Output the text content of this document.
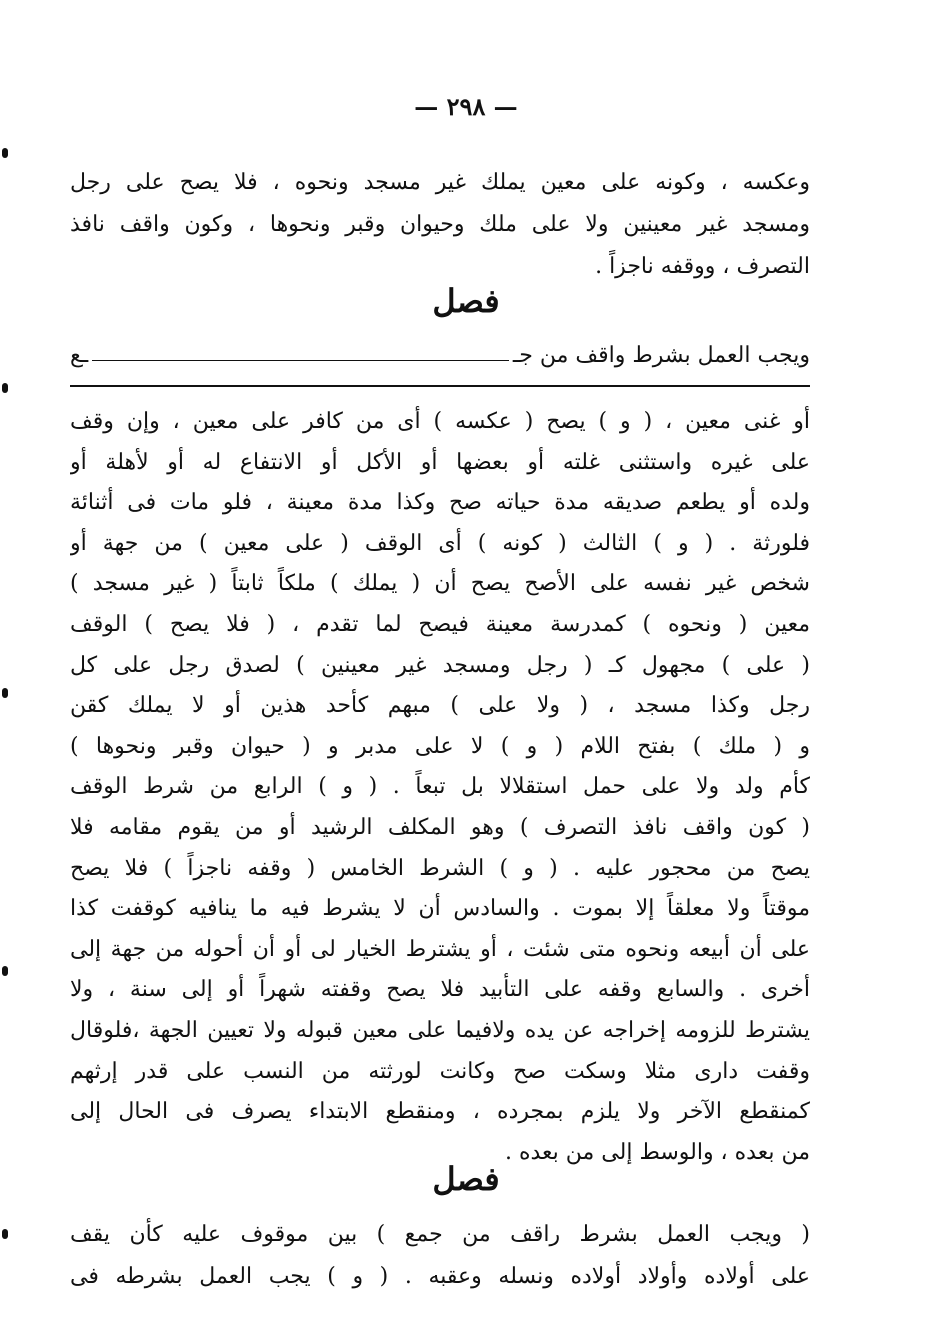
— ٢٩٨ —
وعكسه ، وكونه على معين يملك غير مسجد ونحوه ، فلا يصح على رجل
ومسجد غير معينين ولا على ملك وحيوان وقبر ونحوها ، وكون واقف نافذ
التصرف ، ووقفه ناجزاً .
فصل
ويجب العمل بشرط واقف من جـ
ـع
أو غنى معين ، ( و ) يصح ( عكسه ) أى من كافر على معين ، وإن وقف
على غيره واستثنى غلته أو بعضها أو الأكل أو الانتفاع له أو لأهلة أو
ولده أو يطعم صديقه مدة حياته صح وكذا مدة معينة ، فلو مات فى أثنائة
فلورثة . ( و ) الثالث ( كونه ) أى الوقف ( على معين ) من جهة أو
شخص غير نفسه على الأصح يصح أن ( يملك ) ملكاً ثابتاً ( غير مسجد )
معين ( ونحوه ) كمدرسة معينة فيصح لما تقدم ، ( فلا يصح ) الوقف
( على ) مجهول كـ ( رجل ومسجد غير معينين ) لصدق رجل على كل
رجل وكذا مسجد ، ( ولا على ) مبهم كأحد هذين أو لا يملك كقن
و ( ملك ) بفتح اللام ( و ) لا على مدبر و ( حيوان وقبر ونحوها )
كأم ولد ولا على حمل استقلالا بل تبعاً . ( و ) الرابع من شرط الوقف
( كون واقف نافذ التصرف ) وهو المكلف الرشيد أو من يقوم مقامه فلا
يصح من محجور عليه . ( و ) الشرط الخامس ( وقفه ناجزاً ) فلا يصح
موقتاً ولا معلقاً إلا بموت . والسادس أن لا يشرط فيه ما ينافيه كوقفت كذا
على أن أبيعه ونحوه متى شئت ، أو يشترط الخيار لى أو أن أحوله من جهة إلى
أخرى . والسابع وقفه على التأبيد فلا يصح وقفته شهراً أو إلى سنة ، ولا
يشترط للزومه إخراجه عن يده ولافيما على معين قبوله ولا تعيين الجهة ،فلوقال
وقفت دارى مثلا وسكت صح وكانت لورثته من النسب على قدر إرثهم
كمنقطع الآخر ولا يلزم بمجرده ، ومنقطع الابتداء يصرف فى الحال إلى
من بعده ، والوسط إلى من بعده .
فصل
( ويجب العمل بشرط راقف من جمع ) بين موقوف عليه كأن يقف
على أولاده وأولاد أولاده ونسله وعقبه . ( و ) يجب العمل بشرطه فى
